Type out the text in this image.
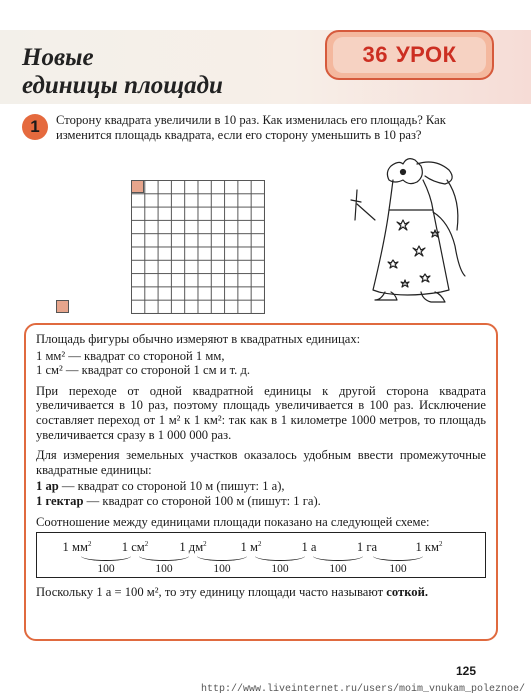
Новые
единицы площади
36 УРОК
1	Сторону квадрата увеличили в 10 раз. Как изменилась его площадь? Как изменится площадь квадрата, если его сторону уменьшить в 10 раз?

Площадь фигуры обычно измеряют в квадратных единицах:

1 мм² — квадрат со стороной 1 мм,
1 см² — квадрат со стороной 1 см и т. д.

При переходе от одной квадратной единицы к другой сторона квадрата увеличивается в 10 раз, поэтому площадь увеличивается в 100 раз. Исключение составляет переход от 1 м² к 1 км²: так как в 1 километре 1000 метров, то площадь увеличивается сразу в 1 000 000 раз.

Для измерения земельных участков оказалось удобным ввести промежуточные квадратные единицы:

1 ар — квадрат со стороной 10 м (пишут: 1 а),
1 гектар — квадрат со стороной 100 м (пишут: 1 га).

Соотношение между единицами площади показано на следующей схеме:

1 $мм^2$ 1 $см^2$ 1 $дм^2$	1 $м^2$	1 а	1 га	1 $км^2$
100	100	100	100	100	100

Поскольку 1 а = 100 м², то эту единицу площади часто называют соткой.

125
http://www.liveinternet.ru/users/moim_vnukam_poleznoe/
